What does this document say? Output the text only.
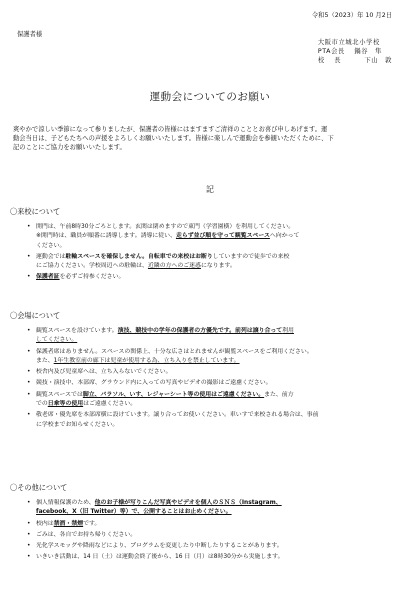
令和5（2023）年 10 月2日
保護者様
大阪市立城北小学校
PTA会長　 鍋谷　隼
校　 長　　　 下山　敦
運動会についてのお願い
爽やかで涼しい季節になって参りましたが、保護者の皆様にはますますご清祥のこととお喜び申しあげます。運
動会当日は、子どもたちへの声援をよろしくお願いいたします。皆様に楽しんで運動会を参観いただくために、下
記のことにご協力をお願いいたします。
記
〇来校について
• 開門は、午前8時30分ごろとします。玄関は閉めますので東門（学習園横）を利用してください。
※開門時は、職員が順番に誘導します。誘導に従い、走らず並び順を守って観覧スペースへ向かって
ください。
• 運動会では駐輪スペースを確保しません。自転車での来校はお断りしていますので徒歩での来校
にご協力ください。学校周辺への駐輪は、近隣の方へのご迷惑になります。
• 保護者証を必ずご持参ください。
〇会場について
• 観覧スペースを設けています。演技、競技中の学年の保護者の方優先です。前列は譲り合って利用
してください。
• 保護者席はありません。スペースの関係上、十分な広さはとれませんが観覧スペースをご利用ください。
また、1年生教室前の廊下は児童が使用する為、立ち入りを禁止しています。
• 校舎内及び児童席へは、立ち入らないでください。
• 競技・演技中、本部席、グラウンド内に入っての写真やビデオの撮影はご遠慮ください。
• 観覧スペースでは脚立、パラソル、いす、レジャーシート等の使用はご遠慮ください。また、前方
での日傘等の使用はご遠慮ください。
• 敬老席・優先席を本部席横に設けています。譲り合ってお使いください。車いすで来校される場合は、事前
に学校までお知らせください。
〇その他について
• 個人情報保護のため、他のお子様が写りこんだ写真やビデオを個人のＳＮＳ（Instagram、
facebook、X（旧 Twitter）等）で、公開することはお止めください。
• 校内は禁酒・禁煙です。
• ごみは、各自でお持ち帰りください。
• 光化学スモッグや降雨などにより、プログラムを変更したり中断したりすることがあります。
• いきいき活動は、14 日（土）は運動会終了後から、16 日（月）は8時30分から実施します。
